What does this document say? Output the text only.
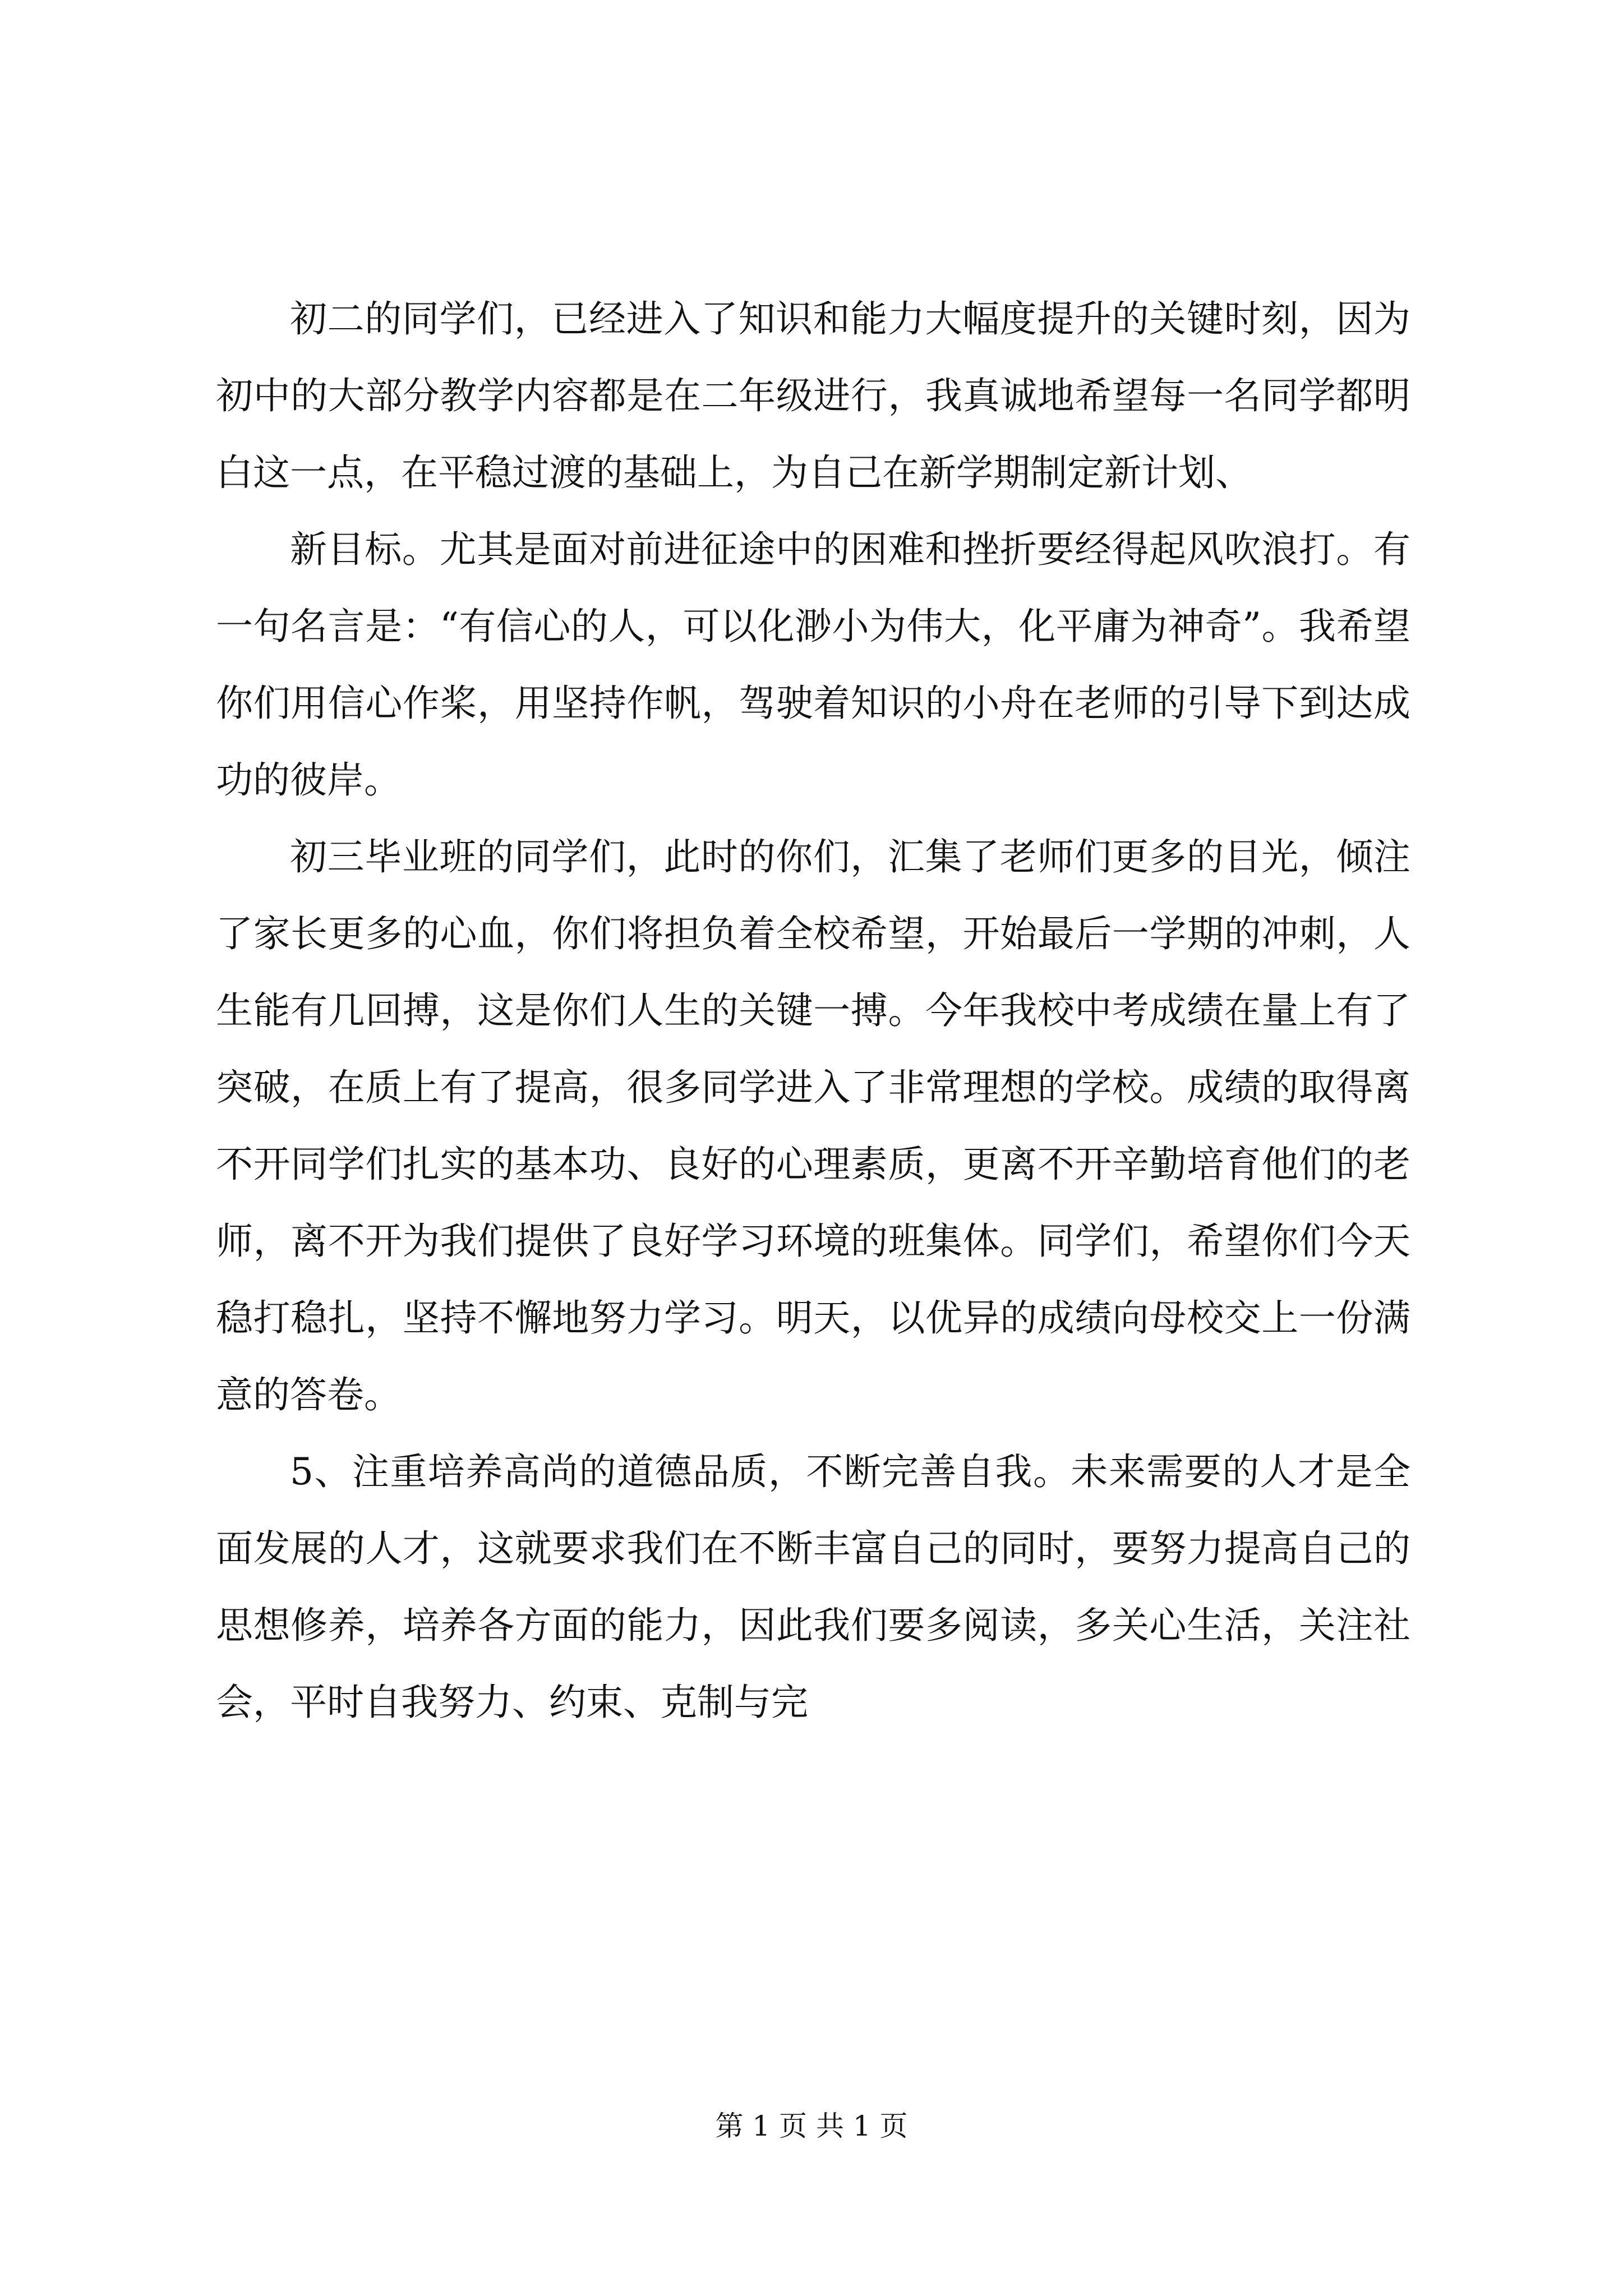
初二的同学们，已经进入了知识和能力大幅度提升的关键时刻，因为初中的大部分教学内容都是在二年级进行，我真诚地希望每一名同学都明白这一点，在平稳过渡的基础上，为自己在新学期制定新计划、

新目标。尤其是面对前进征途中的困难和挫折要经得起风吹浪打。有一句名言是：“有信心的人，可以化渺小为伟大，化平庸为神奇”。我希望你们用信心作桨，用坚持作帆，驾驶着知识的小舟在老师的引导下到达成功的彼岸。

初三毕业班的同学们，此时的你们，汇集了老师们更多的目光，倾注了家长更多的心血，你们将担负着全校希望，开始最后一学期的冲刺，人生能有几回搏，这是你们人生的关键一搏。今年我校中考成绩在量上有了突破，在质上有了提高，很多同学进入了非常理想的学校。成绩的取得离不开同学们扎实的基本功、良好的心理素质，更离不开辛勤培育他们的老师，离不开为我们提供了良好学习环境的班集体。同学们，希望你们今天稳打稳扎，坚持不懈地努力学习。明天，以优异的成绩向母校交上一份满意的答卷。

5、注重培养高尚的道德品质，不断完善自我。未来需要的人才是全面发展的人才，这就要求我们在不断丰富自己的同时，要努力提高自己的思想修养，培养各方面的能力，因此我们要多阅读，多关心生活，关注社会，平时自我努力、约束、克制与完

第 1 页 共 1 页
